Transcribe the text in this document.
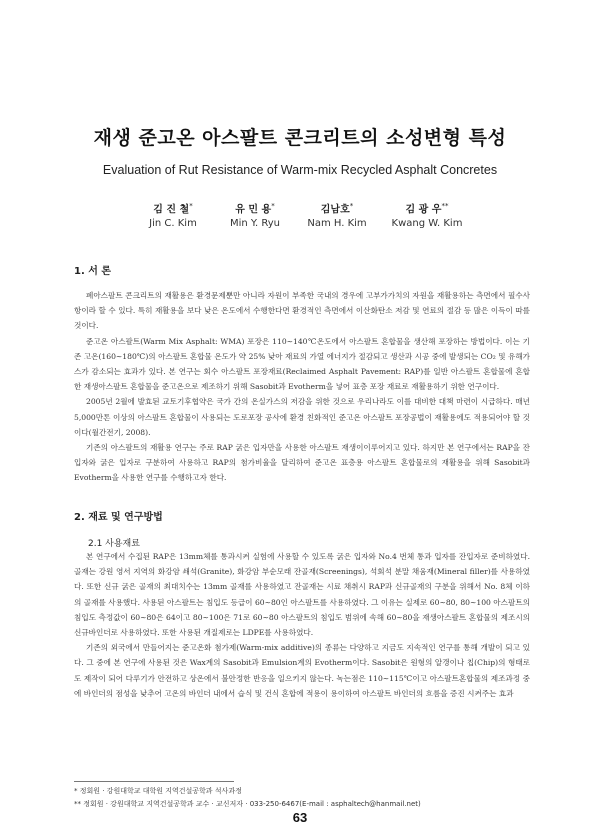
재생 준고온 아스팔트 콘크리트의 소성변형 특성
Evaluation of Rut Resistance of Warm-mix Recycled Asphalt Concretes
김 진 철*
Jin C. Kim
유 민 용*
Min Y. Ryu
김남호*
Nam H. Kim
김 광 우**
Kwang W. Kim
1. 서 론

폐아스팔트 콘크리트의 재활용은 환경문제뿐만 아니라 자원이 부족한 국내의 경우에 고부가가치의 자원을 재활용하는 측면에서 필수사항이라 할 수 있다. 특히 재활용을 보다 낮은 온도에서 수행한다면 환경적인 측면에서 이산화탄소 저감 및 연료의 절감 등 많은 이득이 따를 것이다.

준고온 아스팔트(Warm Mix Asphalt: WMA) 포장은 110∼140℃온도에서 아스팔트 혼합물을 생산해 포장하는 방법이다. 이는 기존 고온(160∼180℃)의 아스팔트 혼합물 온도가 약 25% 낮아 재료의 가열 에너지가 절감되고 생산과 시공 중에 발생되는 CO₂ 및 유해가스가 감소되는 효과가 있다. 본 연구는 회수 아스팔트 포장재료(Reclaimed Asphalt Pavement: RAP)를 일반 아스팔트 혼합물에 혼합한 재생아스팔트 혼합물을 준고온으로 제조하기 위해 Sasobit과 Evotherm을 넣어 표층 포장 재료로 재활용하기 위한 연구이다.

2005년 2월에 발효된 교토기후협약은 국가 간의 온실가스의 저감을 위한 것으로 우리나라도 이를 대비한 대책 마련이 시급하다. 매년 5,000만톤 이상의 아스팔트 혼합물이 사용되는 도로포장 공사에 환경 친화적인 준고온 아스팔트 포장공법이 재활용에도 적용되어야 할 것이다(월간전기, 2008).

기존의 아스팔트의 재활용 연구는 주로 RAP 굵은 입자만을 사용한 아스팔트 재생이이루어지고 있다. 하지만 본 연구에서는 RAP을 잔 입자와 굵은 입자로 구분하여 사용하고 RAP의 첨가비율을 달리하여 준고온 표층용 아스팔트 혼합물로의 재활용을 위해 Sasobit과 Evotherm을 사용한 연구를 수행하고자 한다.

2. 재료 및 연구방법
2.1 사용재료

본 연구에서 수집된 RAP은 13mm체를 통과시켜 실험에 사용할 수 있도록 굵은 입자와 No.4 번체 통과 입자를 잔입자로 준비하였다. 골재는 강원 영서 지역의 화강암 쇄석(Granite), 화강암 부순모래 잔골재(Screenings), 석회석 분말 채움재(Mineral filler)를 사용하였다. 또한 신규 굵은 골재의 최대치수는 13mm 골재를 사용하였고 잔골재는 시료 채취시 RAP과 신규골재의 구분을 위해서 No. 8체 이하의 골재를 사용했다. 사용된 아스팔트는 침입도 등급이 60∼80인 아스팔트를 사용하였다. 그 이유는 실제로 60∼80, 80∼100 아스팔트의 침입도 측정값이 60∼80은 64이고 80∼100은 71로 60∼80 아스팔트의 침입도 범위에 속해 60∼80을 재생아스팔트 혼합물의 제조시의 신규바인더로 사용하였다. 또한 사용된 개질제로는 LDPE를 사용하였다.

기존의 외국에서 만들어지는 준고온화 첨가제(Warm-mix additive)의 종류는 다양하고 지금도 지속적인 연구를 통해 개발이 되고 있다. 그 중에 본 연구에 사용된 것은 Wax계의 Sasobit과 Emulsion계의 Evotherm이다. Sasobit은 원형의 알갱이나 칩(Chip)의 형태로도 제작이 되어 다루기가 안전하고 상온에서 불안정한 반응을 일으키지 않는다. 녹는점은 110∼115℃이고 아스팔트혼합물의 제조과정 중에 바인더의 점성을 낮추어 고온의 바인더 내에서 습식 및 건식 혼합에 적용이 용이하여 아스팔트 바인더의 흐름을 증진 시켜주는 효과

* 정회원 · 강원대학교 대학원 지역건설공학과 석사과정
** 정회원 · 강원대학교 지역건설공학과 교수 · 교신저자 · 033-250-6467(E-mail : asphaltech@hanmail.net)
63
